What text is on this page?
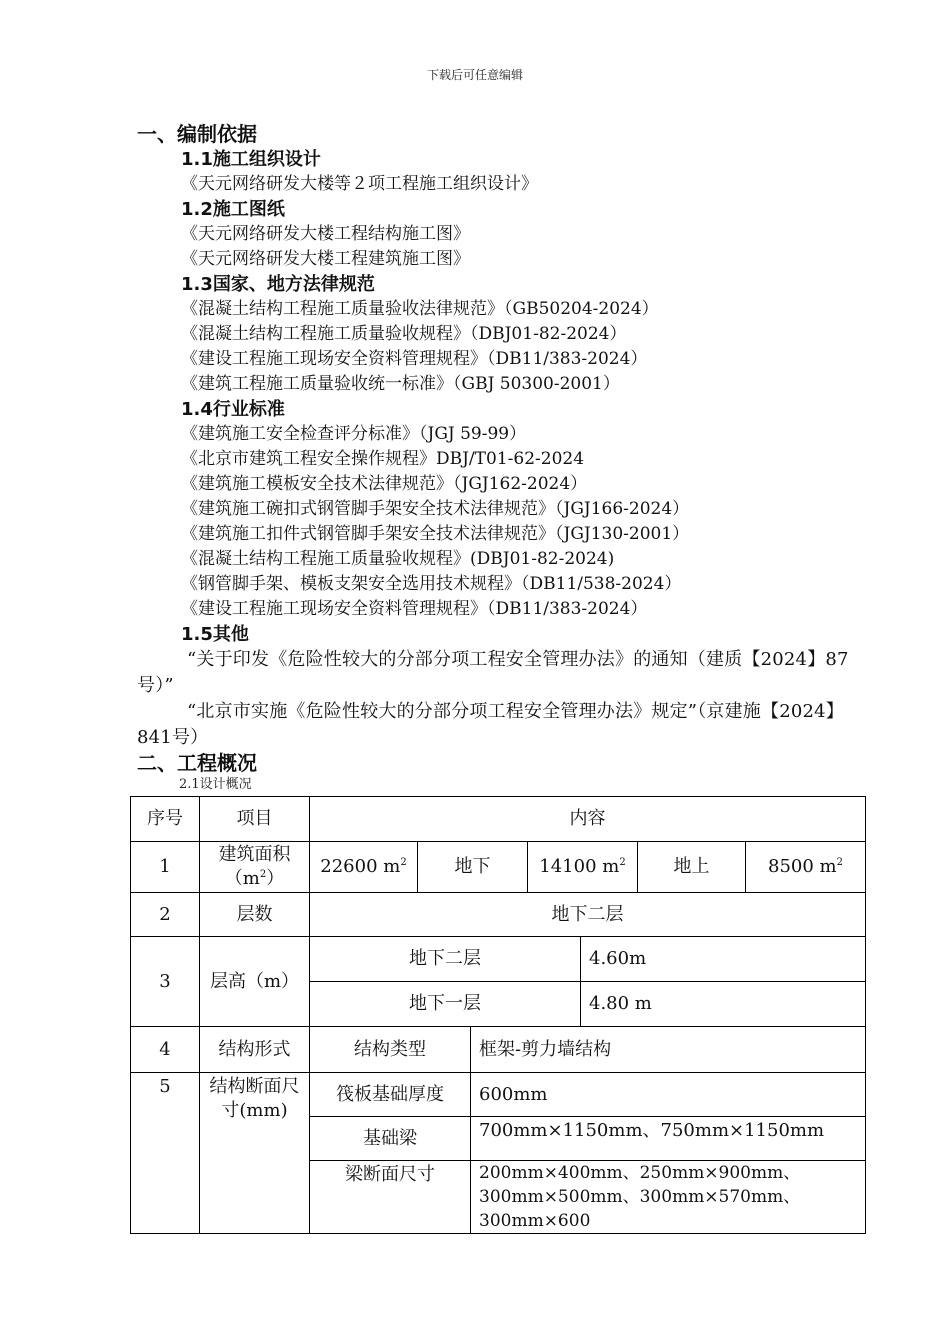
下载后可任意编辑
一、编制依据
1.1施工组织设计
《天元网络研发大楼等２项工程施工组织设计》
1.2施工图纸
《天元网络研发大楼工程结构施工图》
《天元网络研发大楼工程建筑施工图》
1.3国家、地方法律规范
《混凝土结构工程施工质量验收法律规范》（GB50204-2024）
《混凝土结构工程施工质量验收规程》（DBJ01-82-2024）
《建设工程施工现场安全资料管理规程》（DB11/383-2024）
《建筑工程施工质量验收统一标准》（GBJ 50300-2001）
1.4行业标准
《建筑施工安全检查评分标准》（JGJ 59-99）
《北京市建筑工程安全操作规程》DBJ/T01-62-2024
《建筑施工模板安全技术法律规范》（JGJ162-2024）
《建筑施工碗扣式钢管脚手架安全技术法律规范》（JGJ166-2024）
《建筑施工扣件式钢管脚手架安全技术法律规范》（JGJ130-2001）
《混凝土结构工程施工质量验收规程》(DBJ01-82-2024)
《钢管脚手架、模板支架安全选用技术规程》（DB11/538-2024）
《建设工程施工现场安全资料管理规程》（DB11/383-2024）
1.5其他
“关于印发《危险性较大的分部分项工程安全管理办法》的通知（建质【2024】87号）”
“北京市实施《危险性较大的分部分项工程安全管理办法》规定”（京建施【2024】841号）
二、工程概况
2.1设计概况
序号	项目	内容						
1	建筑面积$(m^2)$	22600 $m^2$	地下		14100 $m^2$		地上	8500 $m^2$
2	层数	地下二层						
3	层高（m）	地下二层				4.60m		
		地下一层				4.80 m		
4	结构形式	结构类型		框架-剪力墙结构				
5	结构断面尺寸(mm)	筏板基础厚度		600mm				
		基础梁		700mm×1150mm、750mm×1150mm				
		梁断面尺寸		200mm×400mm、250mm×900mm、300mm×500mm、300mm×570mm、300mm×600				
